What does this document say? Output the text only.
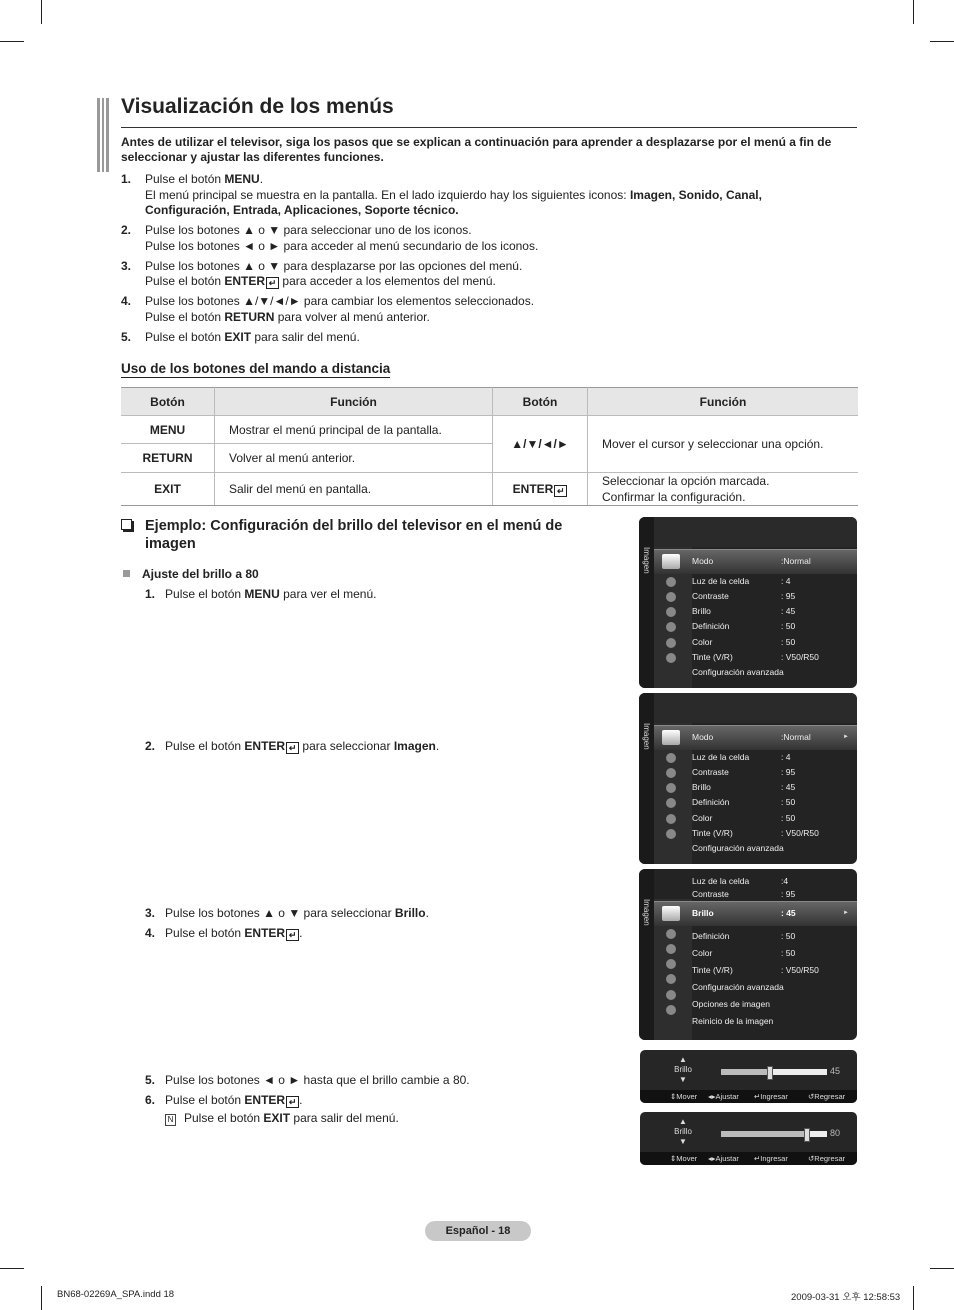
Visualización de los menús
Antes de utilizar el televisor, siga los pasos que se explican a continuación para aprender a desplazarse por el menú a fin de seleccionar y ajustar las diferentes funciones.
1. Pulse el botón MENU.
El menú principal se muestra en la pantalla. En el lado izquierdo hay los siguientes iconos: Imagen, Sonido, Canal,
Configuración, Entrada, Aplicaciones, Soporte técnico.
2. Pulse los botones ▲ o ▼ para seleccionar uno de los iconos.
Pulse los botones ◄ o ► para acceder al menú secundario de los iconos.
3. Pulse los botones ▲ o ▼ para desplazarse por las opciones del menú.
Pulse el botón ENTER ↵ para acceder a los elementos del menú.
4. Pulse los botones ▲/▼/◄/► para cambiar los elementos seleccionados.
Pulse el botón RETURN para volver al menú anterior.
5. Pulse el botón EXIT para salir del menú.
Uso de los botones del mando a distancia
Botón	Función	Botón	Función
MENU	Mostrar el menú principal de la pantalla.	▲/▼/◄/►	Mover el cursor y seleccionar una opción.
RETURN	Volver al menú anterior.		
EXIT	Salir del menú en pantalla.	ENTER ↵	Seleccionar la opción marcada.
Confirmar la configuración.
Ejemplo: Configuración del brillo del televisor en el menú de imagen
Ajuste del brillo a 80
1. Pulse el botón MENU para ver el menú.
2. Pulse el botón ENTER ↵ para seleccionar Imagen.
3. Pulse los botones ▲ o ▼ para seleccionar Brillo.
4. Pulse el botón ENTER ↵ .
5. Pulse los botones ◄ o ► hasta que el brillo cambie a 80.
6. Pulse el botón ENTER ↵ .
N Pulse el botón EXIT para salir del menú.
Imagen	Modo	:Normal
Luz de la celda	: 4
Contraste	: 95
Brillo	: 45
Definición	: 50
Color	: 50
Tinte (V/R)	: V50/R50
Configuración avanzada
Imagen	Modo	:Normal	►
Luz de la celda	: 4
Contraste	: 95
Brillo	: 45
Definición	: 50
Color	: 50
Tinte (V/R)	: V50/R50
Configuración avanzada
Imagen
Luz de la celda	:4
Contraste	: 95
Brillo	: 45	►
Definición	: 50
Color	: 50
Tinte (V/R)	: V50/R50
Configuración avanzada
Opciones de imagen
Reinicio de la imagen
▲
Brillo
▼
45
⇕ Mover ◂▸ Ajustar ↵ Ingresar	↺ Regresar
▲
Brillo
▼
80
⇕ Mover ◂▸ Ajustar ↵ Ingresar	↺ Regresar
Español - 18
BN68-02269A_SPA.indd 18	2009-03-31 오후 12:58:53
